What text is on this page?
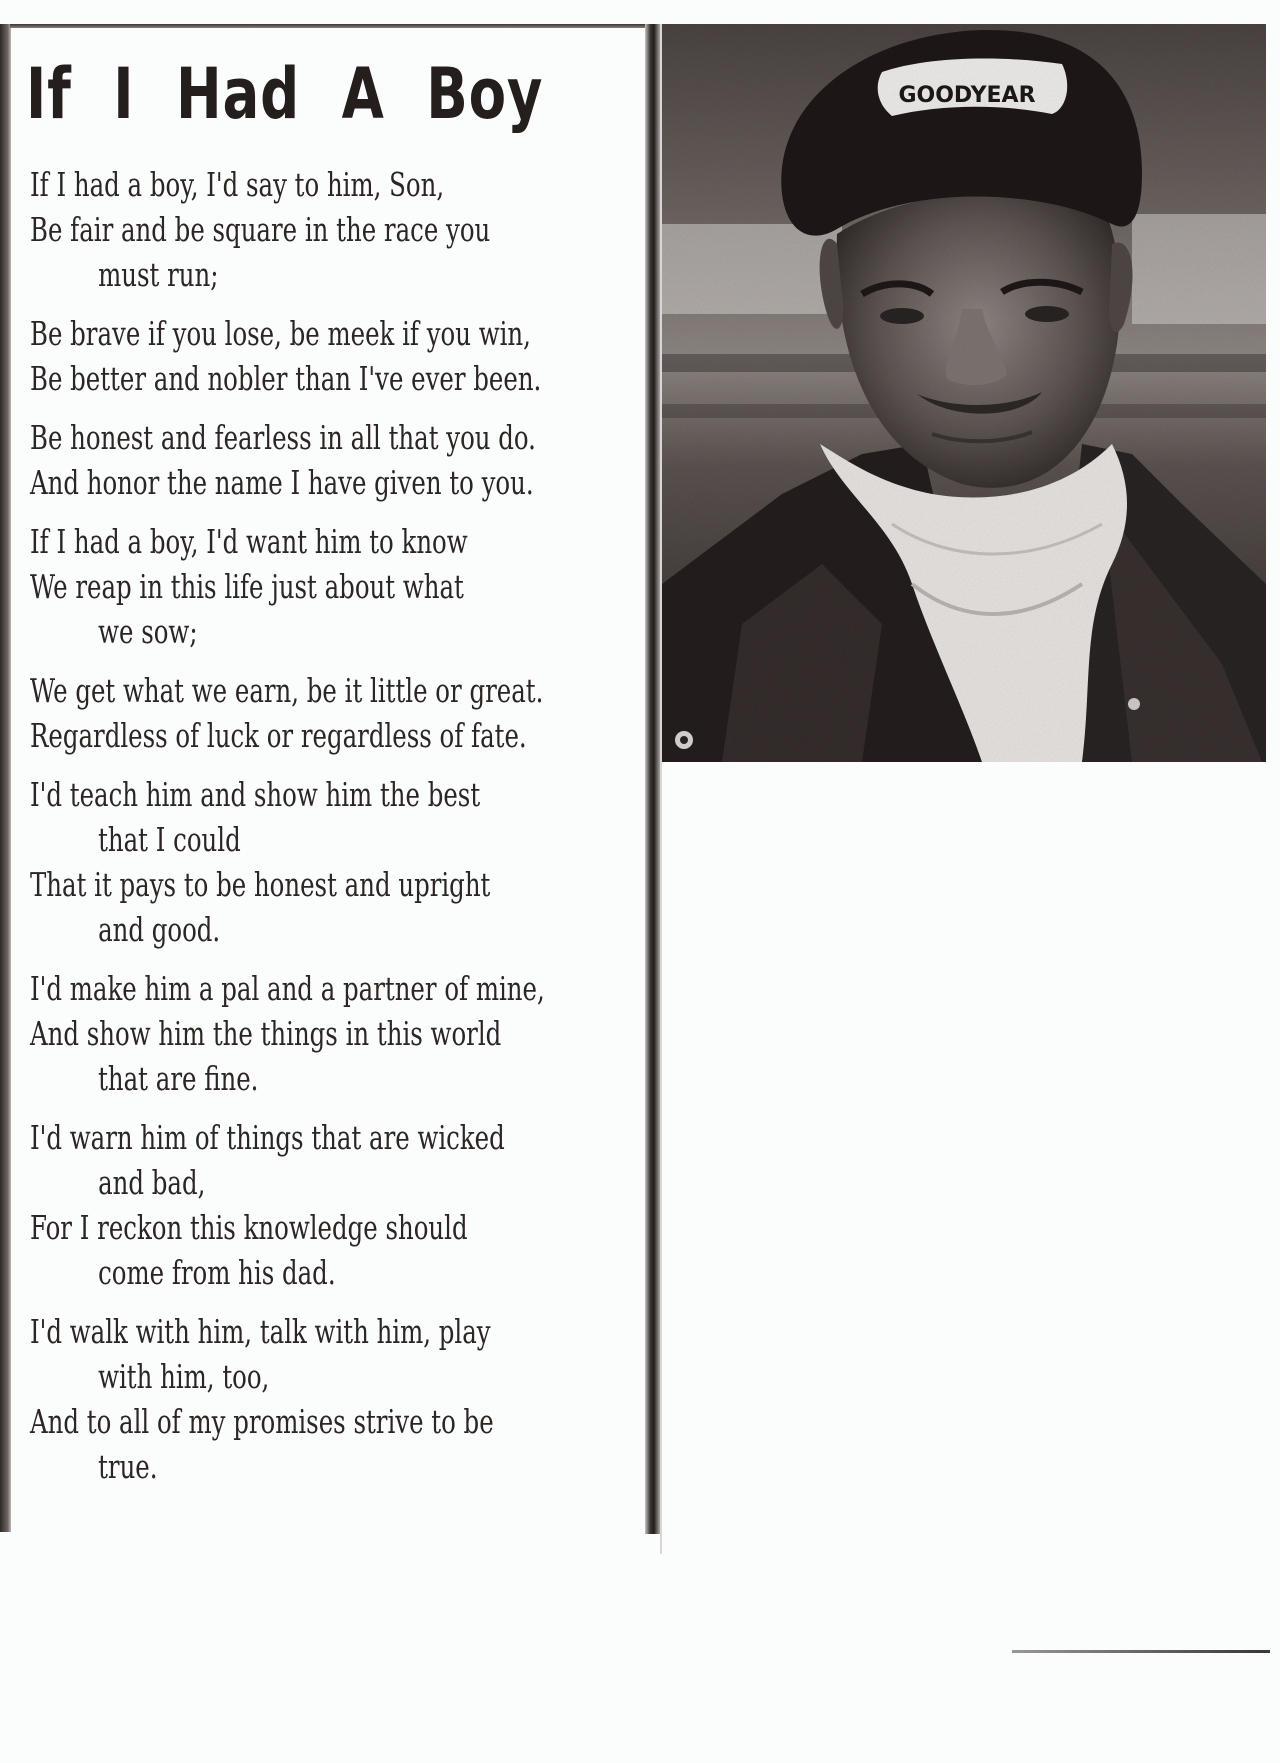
If I Had A Boy
If I had a boy, I'd say to him, Son,
Be fair and be square in the race you
must run;
Be brave if you lose, be meek if you win,
Be better and nobler than I've ever been.
Be honest and fearless in all that you do.
And honor the name I have given to you.
If I had a boy, I'd want him to know
We reap in this life just about what
we sow;
We get what we earn, be it little or great.
Regardless of luck or regardless of fate.
I'd teach him and show him the best
that I could
That it pays to be honest and upright
and good.
I'd make him a pal and a partner of mine,
And show him the things in this world
that are fine.
I'd warn him of things that are wicked
and bad,
For I reckon this knowledge should
come from his dad.
I'd walk with him, talk with him, play
with him, too,
And to all of my promises strive to be
true.
GOODYEAR
